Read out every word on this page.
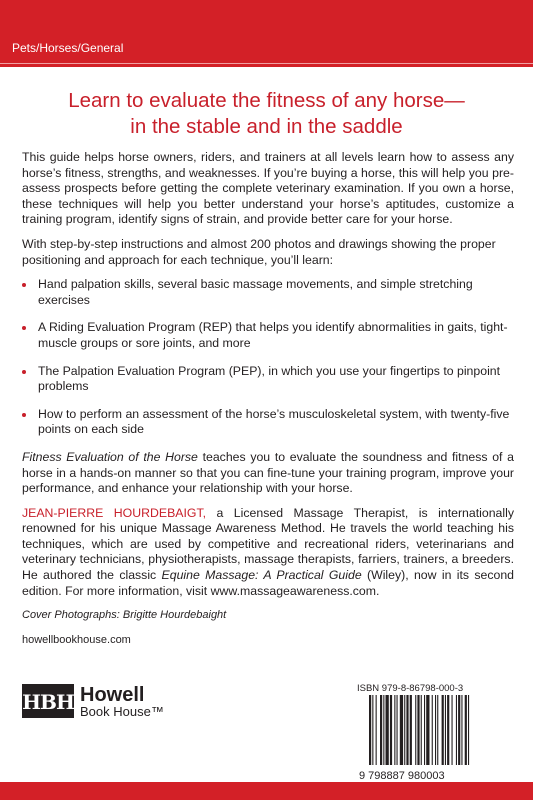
Pets/Horses/General
Learn to evaluate the fitness of any horse—
in the stable and in the saddle

This guide helps horse owners, riders, and trainers at all levels learn how to assess any horse’s fitness, strengths, and weaknesses. If you’re buying a horse, this will help you pre-assess prospects before getting the complete veterinary examination. If you own a horse, these techniques will help you better understand your horse’s aptitudes, customize a training program, identify signs of strain, and provide better care for your horse.

With step-by-step instructions and almost 200 photos and drawings showing the proper positioning and approach for each technique, you’ll learn:

Hand palpation skills, several basic massage movements, and simple stretching exercises
A Riding Evaluation Program (REP) that helps you identify abnormalities in gaits, tight-muscle groups or sore joints, and more
The Palpation Evaluation Program (PEP), in which you use your fingertips to pinpoint problems
How to perform an assessment of the horse’s musculoskeletal system, with twenty-five points on each side

Fitness Evaluation of the Horse teaches you to evaluate the soundness and fitness of a horse in a hands-on manner so that you can fine-tune your training program, improve your performance, and enhance your relationship with your horse.

JEAN-PIERRE HOURDEBAIGT, a Licensed Massage Therapist, is internationally renowned for his unique Massage Awareness Method. He travels the world teaching his techniques, which are used by competitive and recreational riders, veterinarians and veterinary technicians, physiotherapists, massage therapists, farriers, trainers, a breeders. He authored the classic Equine Massage: A Practical Guide (Wiley), now in its second edition. For more information, visit www.massageawareness.com.

Cover Photographs: Brigitte Hourdebaight

howellbookhouse.com

HBH Howell
Book House™
ISBN 979-8-86798-000-3
9 798887 980003
